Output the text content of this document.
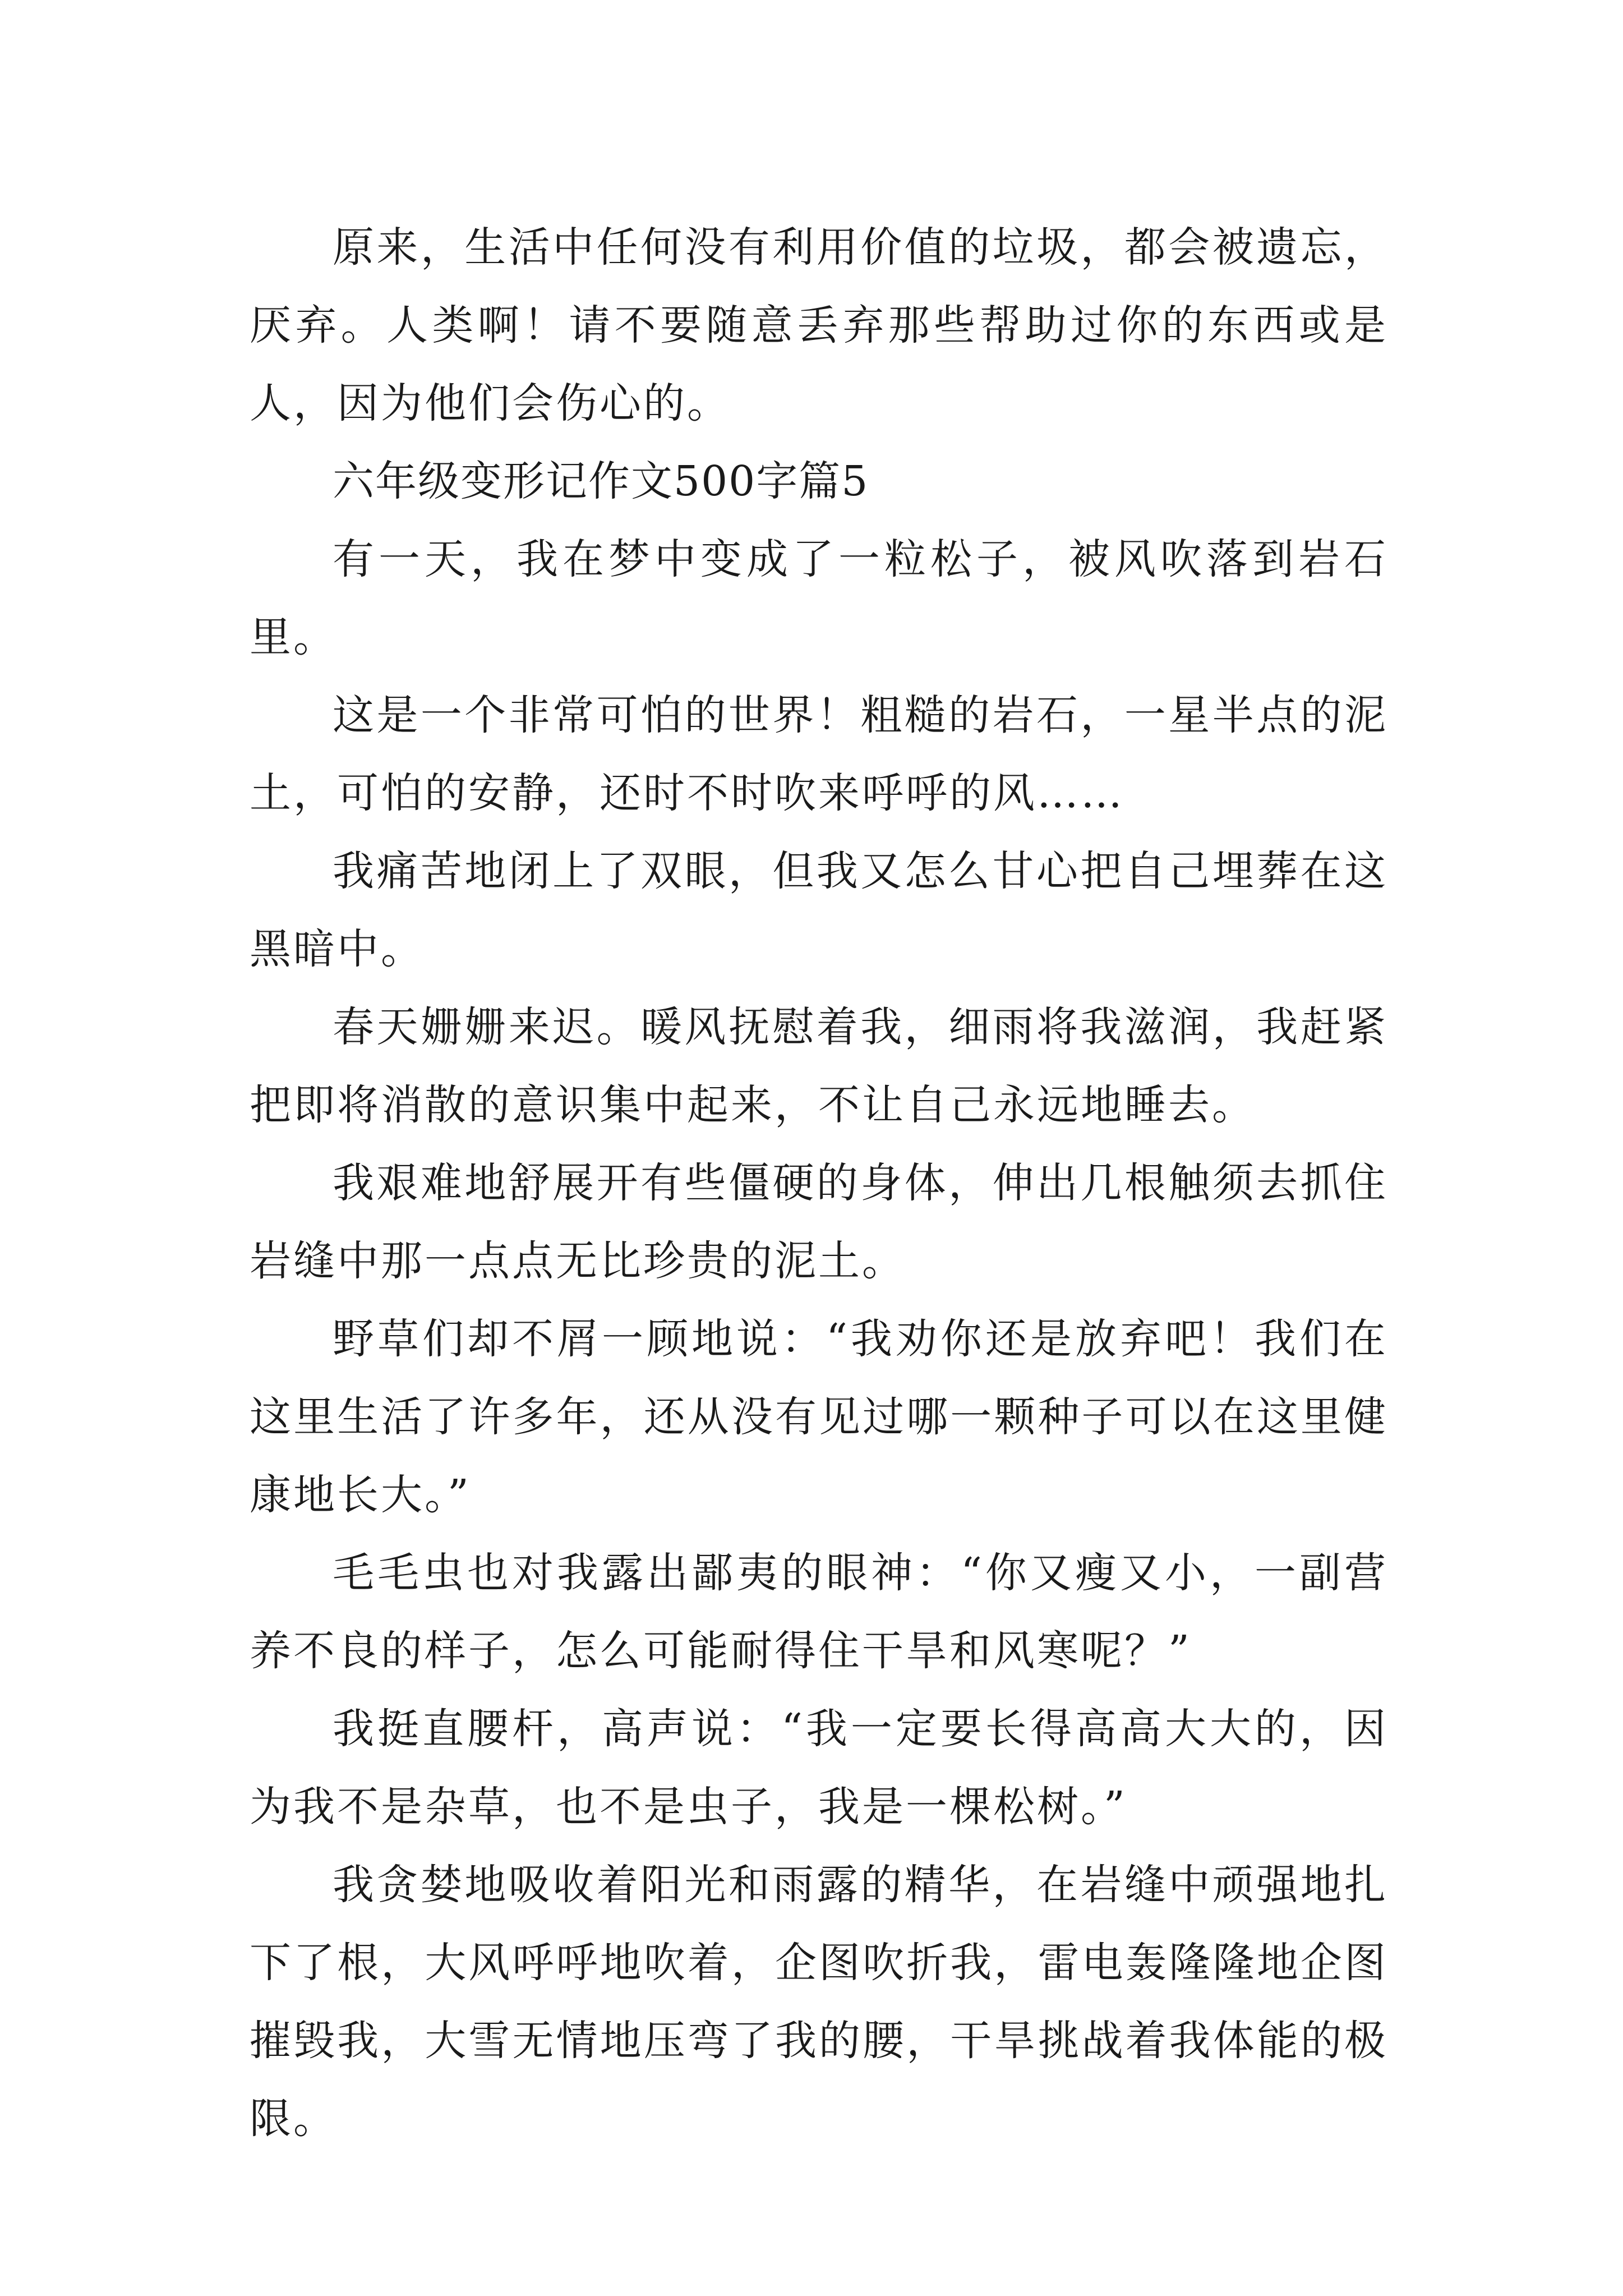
原来，生活中任何没有利用价值的垃圾，都会被遗忘，厌弃。人类啊！请不要随意丢弃那些帮助过你的东西或是人，因为他们会伤心的。

六年级变形记作文500字篇5

有一天，我在梦中变成了一粒松子，被风吹落到岩石里。

这是一个非常可怕的世界！粗糙的岩石，一星半点的泥土，可怕的安静，还时不时吹来呼呼的风……

我痛苦地闭上了双眼，但我又怎么甘心把自己埋葬在这黑暗中。

春天姗姗来迟。暖风抚慰着我，细雨将我滋润，我赶紧把即将消散的意识集中起来，不让自己永远地睡去。

我艰难地舒展开有些僵硬的身体，伸出几根触须去抓住岩缝中那一点点无比珍贵的泥土。

野草们却不屑一顾地说：“我劝你还是放弃吧！我们在这里生活了许多年，还从没有见过哪一颗种子可以在这里健康地长大。”

毛毛虫也对我露出鄙夷的眼神：“你又瘦又小，一副营养不良的样子，怎么可能耐得住干旱和风寒呢？”

我挺直腰杆，高声说：“我一定要长得高高大大的，因为我不是杂草，也不是虫子，我是一棵松树。”

我贪婪地吸收着阳光和雨露的精华，在岩缝中顽强地扎下了根，大风呼呼地吹着，企图吹折我，雷电轰隆隆地企图摧毁我，大雪无情地压弯了我的腰，干旱挑战着我体能的极限。
